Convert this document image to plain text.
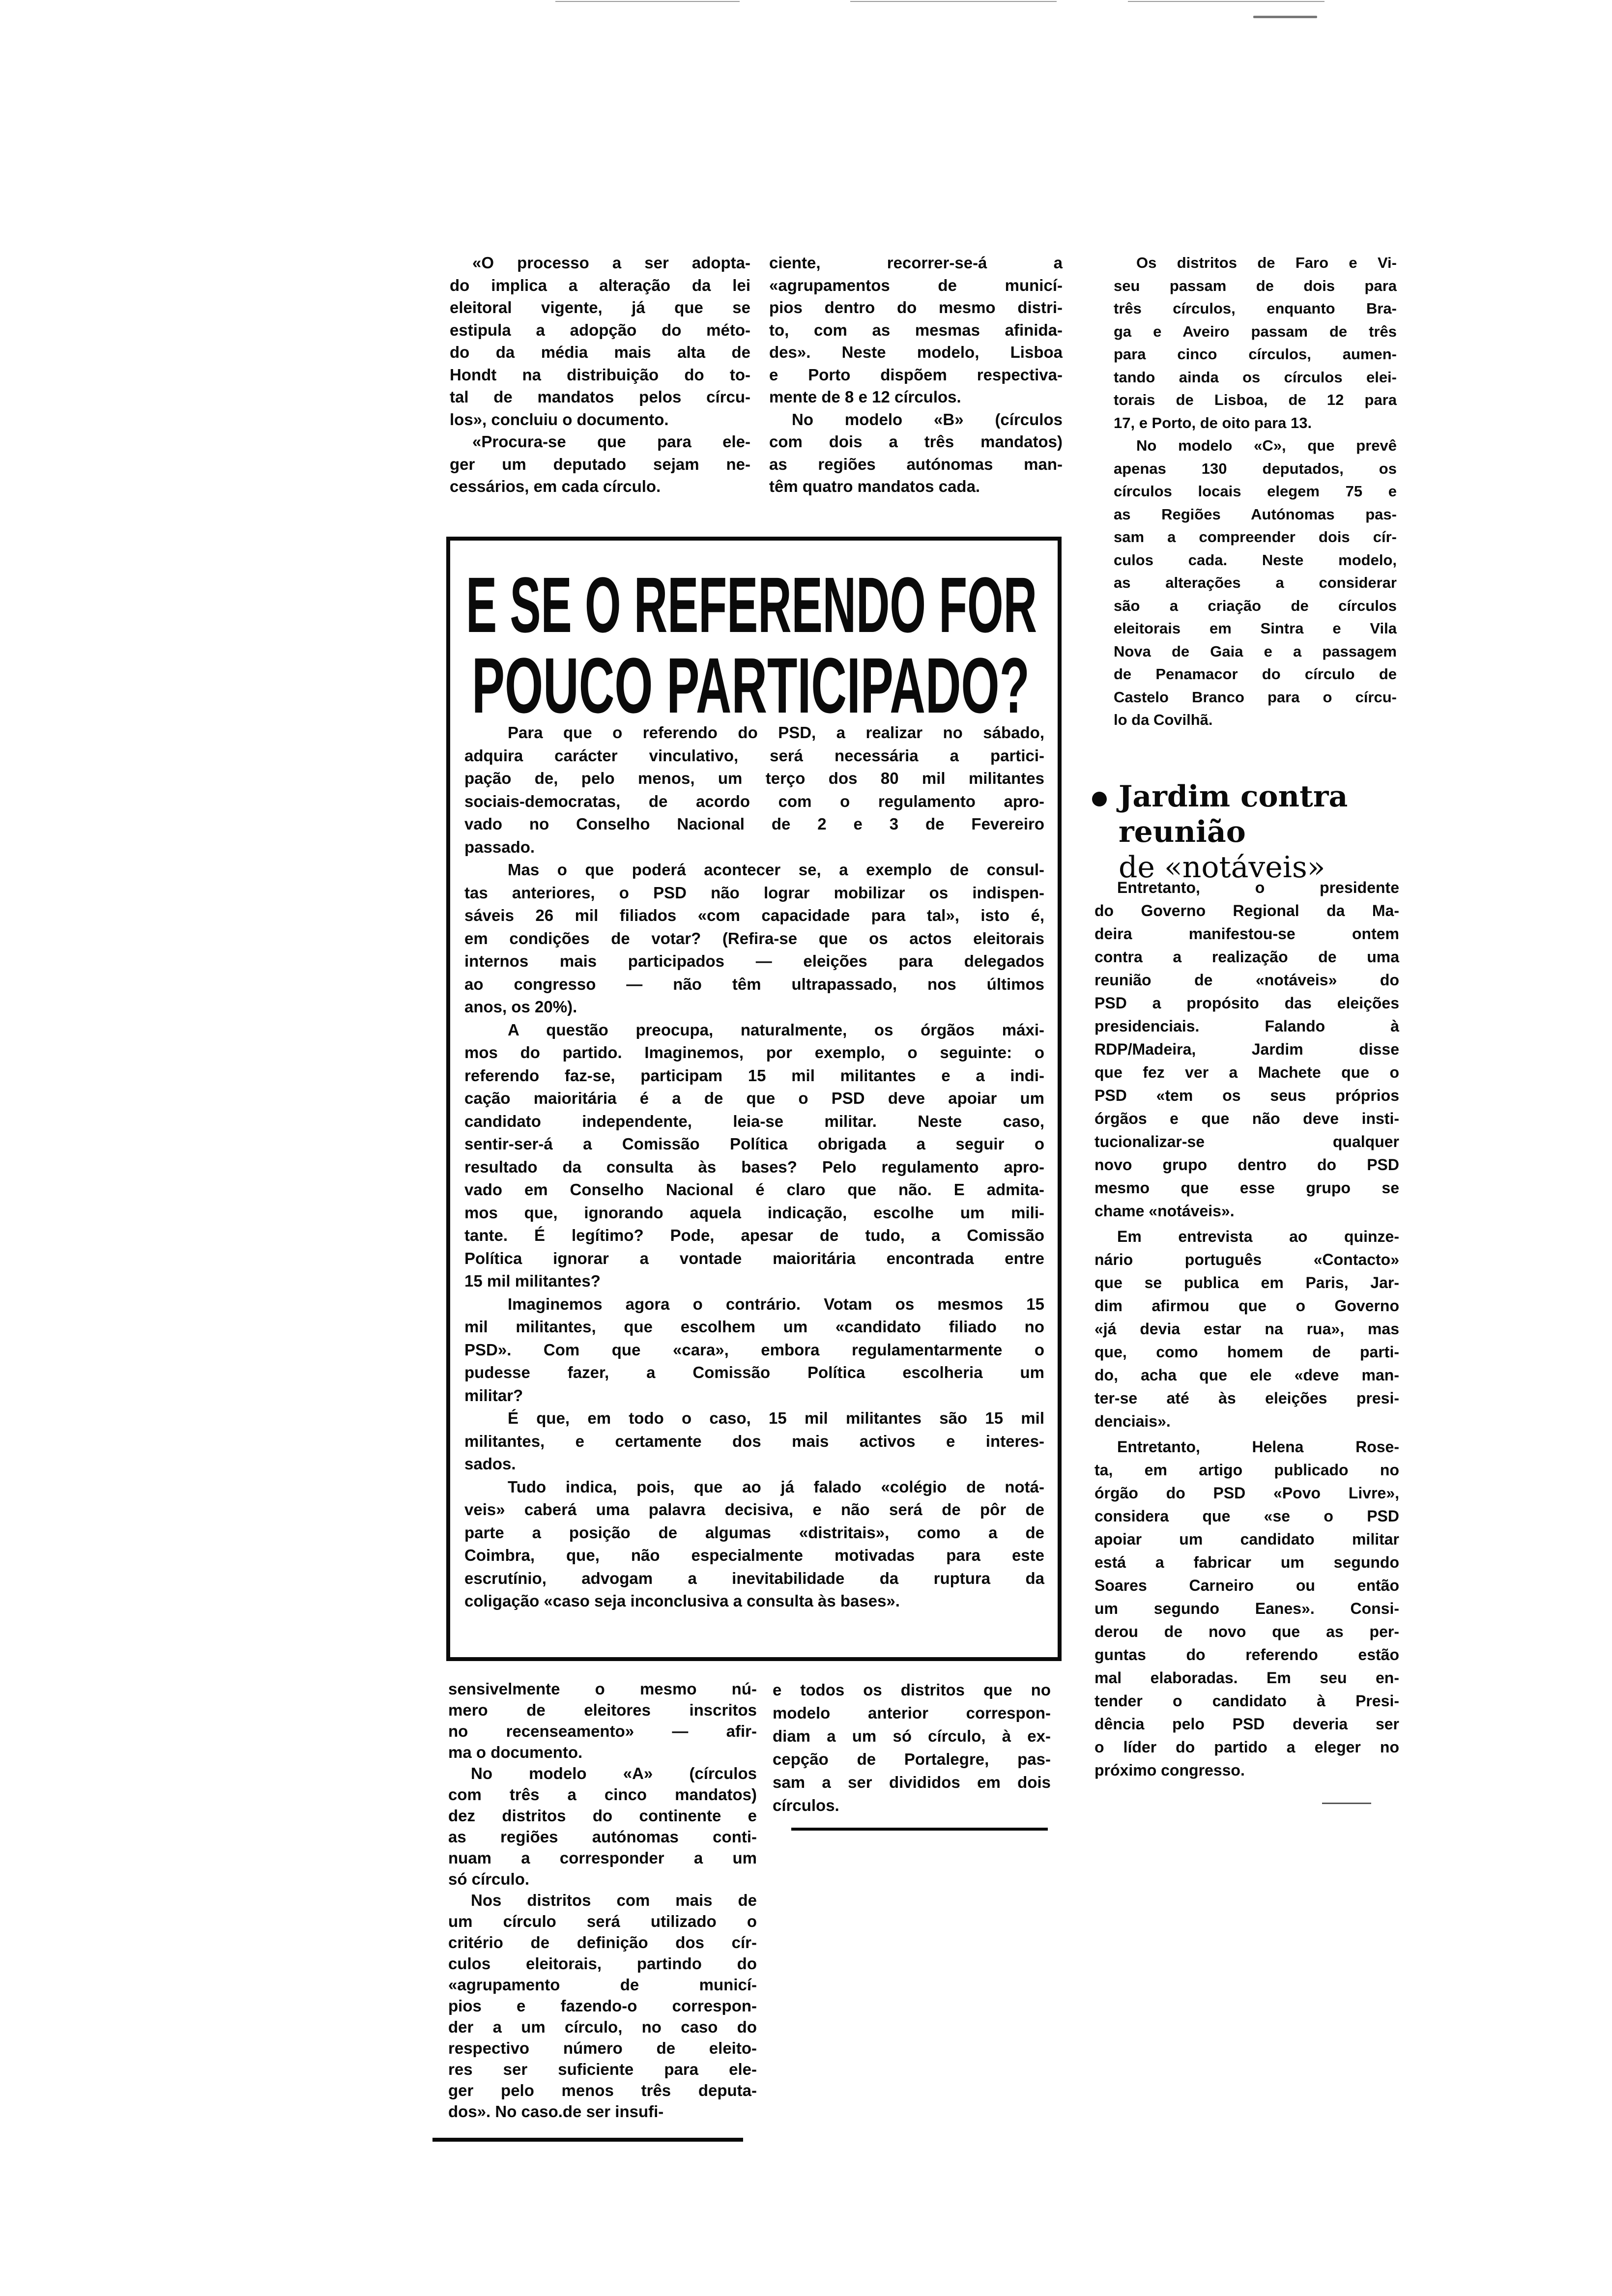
«O processo a ser adopta-
do implica a alteração da lei
eleitoral vigente, já que se
estipula a adopção do méto-
do da média mais alta de
Hondt na distribuição do to-
tal de mandatos pelos círcu-
los», concluiu o documento.
«Procura-se que para ele-
ger um deputado sejam ne-
cessários, em cada círculo.
ciente, recorrer-se-á a
«agrupamentos de municí-
pios dentro do mesmo distri-
to, com as mesmas afinida-
des». Neste modelo, Lisboa
e Porto dispõem respectiva-
mente de 8 e 12 círculos.
No modelo «B» (círculos
com dois a três mandatos)
as regiões autónomas man-
têm quatro mandatos cada.
Os distritos de Faro e Vi-
seu passam de dois para
três círculos, enquanto Bra-
ga e Aveiro passam de três
para cinco círculos, aumen-
tando ainda os círculos elei-
torais de Lisboa, de 12 para
17, e Porto, de oito para 13.
No modelo «C», que prevê
apenas 130 deputados, os
círculos locais elegem 75 e
as Regiões Autónomas pas-
sam a compreender dois cír-
culos cada. Neste modelo,
as alterações a considerar
são a criação de círculos
eleitorais em Sintra e Vila
Nova de Gaia e a passagem
de Penamacor do círculo de
Castelo Branco para o círcu-
lo da Covilhã.
E SE O REFERENDO FOR
POUCO PARTICIPADO?
Para que o referendo do PSD, a realizar no sábado,
adquira carácter vinculativo, será necessária a partici-
pação de, pelo menos, um terço dos 80 mil militantes
sociais-democratas, de acordo com o regulamento apro-
vado no Conselho Nacional de 2 e 3 de Fevereiro
passado.
Mas o que poderá acontecer se, a exemplo de consul-
tas anteriores, o PSD não lograr mobilizar os indispen-
sáveis 26 mil filiados «com capacidade para tal», isto é,
em condições de votar? (Refira-se que os actos eleitorais
internos mais participados — eleições para delegados
ao congresso — não têm ultrapassado, nos últimos
anos, os 20%).
A questão preocupa, naturalmente, os órgãos máxi-
mos do partido. Imaginemos, por exemplo, o seguinte: o
referendo faz-se, participam 15 mil militantes e a indi-
cação maioritária é a de que o PSD deve apoiar um
candidato independente, leia-se militar. Neste caso,
sentir-ser-á a Comissão Política obrigada a seguir o
resultado da consulta às bases? Pelo regulamento apro-
vado em Conselho Nacional é claro que não. E admita-
mos que, ignorando aquela indicação, escolhe um mili-
tante. É legítimo? Pode, apesar de tudo, a Comissão
Política ignorar a vontade maioritária encontrada entre
15 mil militantes?
Imaginemos agora o contrário. Votam os mesmos 15
mil militantes, que escolhem um «candidato filiado no
PSD». Com que «cara», embora regulamentarmente o
pudesse fazer, a Comissão Política escolheria um
militar?
É que, em todo o caso, 15 mil militantes são 15 mil
militantes, e certamente dos mais activos e interes-
sados.
Tudo indica, pois, que ao já falado «colégio de notá-
veis» caberá uma palavra decisiva, e não será de pôr de
parte a posição de algumas «distritais», como a de
Coimbra, que, não especialmente motivadas para este
escrutínio, advogam a inevitabilidade da ruptura da
coligação «caso seja inconclusiva a consulta às bases».
Jardim contra
reunião
de «notáveis»
Entretanto, o presidente
do Governo Regional da Ma-
deira manifestou-se ontem
contra a realização de uma
reunião de «notáveis» do
PSD a propósito das eleições
presidenciais. Falando à
RDP/Madeira, Jardim disse
que fez ver a Machete que o
PSD «tem os seus próprios
órgãos e que não deve insti-
tucionalizar-se qualquer
novo grupo dentro do PSD
mesmo que esse grupo se
chame «notáveis».
Em entrevista ao quinze-
nário português «Contacto»
que se publica em Paris, Jar-
dim afirmou que o Governo
«já devia estar na rua», mas
que, como homem de parti-
do, acha que ele «deve man-
ter-se até às eleições presi-
denciais».
Entretanto, Helena Rose-
ta, em artigo publicado no
órgão do PSD «Povo Livre»,
considera que «se o PSD
apoiar um candidato militar
está a fabricar um segundo
Soares Carneiro ou então
um segundo Eanes». Consi-
derou de novo que as per-
guntas do referendo estão
mal elaboradas. Em seu en-
tender o candidato à Presi-
dência pelo PSD deveria ser
o líder do partido a eleger no
próximo congresso.
sensivelmente o mesmo nú-
mero de eleitores inscritos
no recenseamento» — afir-
ma o documento.
No modelo «A» (círculos
com três a cinco mandatos)
dez distritos do continente e
as regiões autónomas conti-
nuam a corresponder a um
só círculo.
Nos distritos com mais de
um círculo será utilizado o
critério de definição dos cír-
culos eleitorais, partindo do
«agrupamento de municí-
pios e fazendo-o correspon-
der a um círculo, no caso do
respectivo número de eleito-
res ser suficiente para ele-
ger pelo menos três deputa-
dos». No caso.de ser insufi-
e todos os distritos que no
modelo anterior correspon-
diam a um só círculo, à ex-
cepção de Portalegre, pas-
sam a ser divididos em dois
círculos.
